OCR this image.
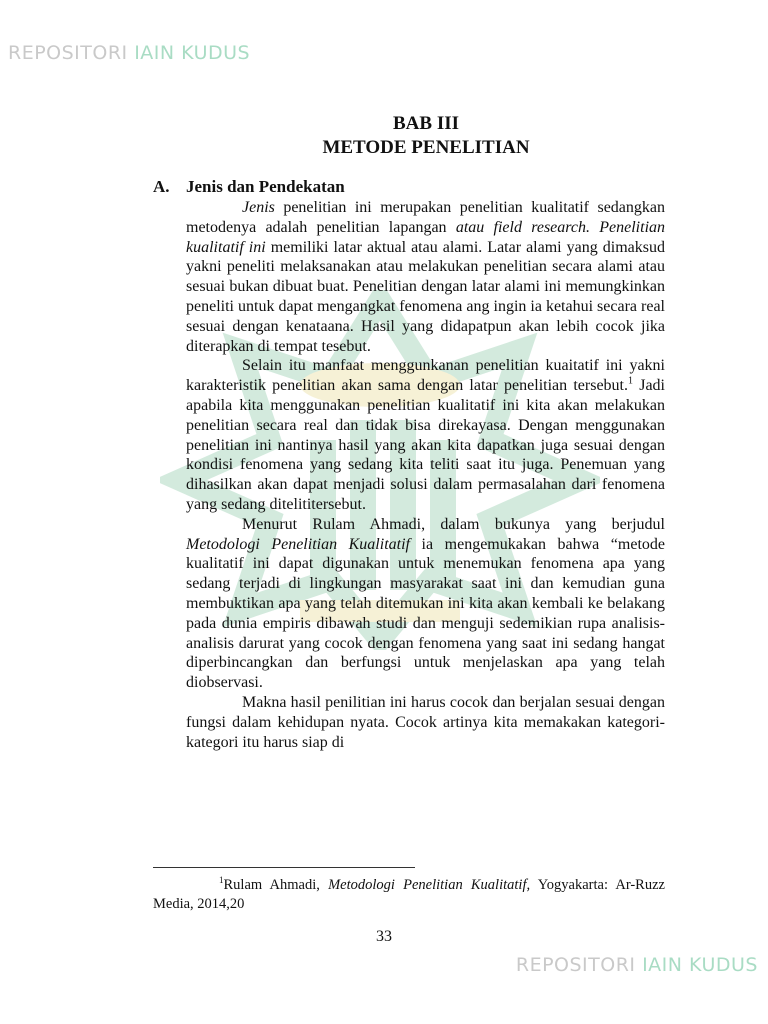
REPOSITORI IAIN KUDUS
BAB III
METODE PENELITIAN
A. Jenis dan Pendekatan

Jenis penelitian ini merupakan penelitian kualitatif sedangkan metodenya adalah penelitian lapangan atau field research. Penelitian kualitatif ini memiliki latar aktual atau alami. Latar alami yang dimaksud yakni peneliti melaksanakan atau melakukan penelitian secara alami atau sesuai bukan dibuat buat. Penelitian dengan latar alami ini memungkinkan peneliti untuk dapat mengangkat fenomena ang ingin ia ketahui secara real sesuai dengan kenataana. Hasil yang didapatpun akan lebih cocok jika diterapkan di tempat tesebut.

Selain itu manfaat menggunkanan penelitian kuaitatif ini yakni karakteristik penelitian akan sama dengan latar penelitian tersebut.$^1$ Jadi apabila kita menggunakan penelitian kualitatif ini kita akan melakukan penelitian secara real dan tidak bisa direkayasa. Dengan menggunakan penelitian ini nantinya hasil yang akan kita dapatkan juga sesuai dengan kondisi fenomena yang sedang kita teliti saat itu juga. Penemuan yang dihasilkan akan dapat menjadi solusi dalam permasalahan dari fenomena yang sedang ditelititersebut.

Menurut Rulam Ahmadi, dalam bukunya yang berjudul Metodologi Penelitian Kualitatif ia mengemukakan bahwa “metode kualitatif ini dapat digunakan untuk menemukan fenomena apa yang sedang terjadi di lingkungan masyarakat saat ini dan kemudian guna membuktikan apa yang telah ditemukan ini kita akan kembali ke belakang pada dunia empiris dibawah studi dan menguji sedemikian rupa analisis-analisis darurat yang cocok dengan fenomena yang saat ini sedang hangat diperbincangkan dan berfungsi untuk menjelaskan apa yang telah diobservasi.

Makna hasil penilitian ini harus cocok dan berjalan sesuai dengan fungsi dalam kehidupan nyata. Cocok artinya kita memakakan kategori-kategori itu harus siap di

$^1$Rulam Ahmadi, Metodologi Penelitian Kualitatif, Yogyakarta: Ar-Ruzz Media, 2014,20
33
REPOSITORI IAIN KUDUS
